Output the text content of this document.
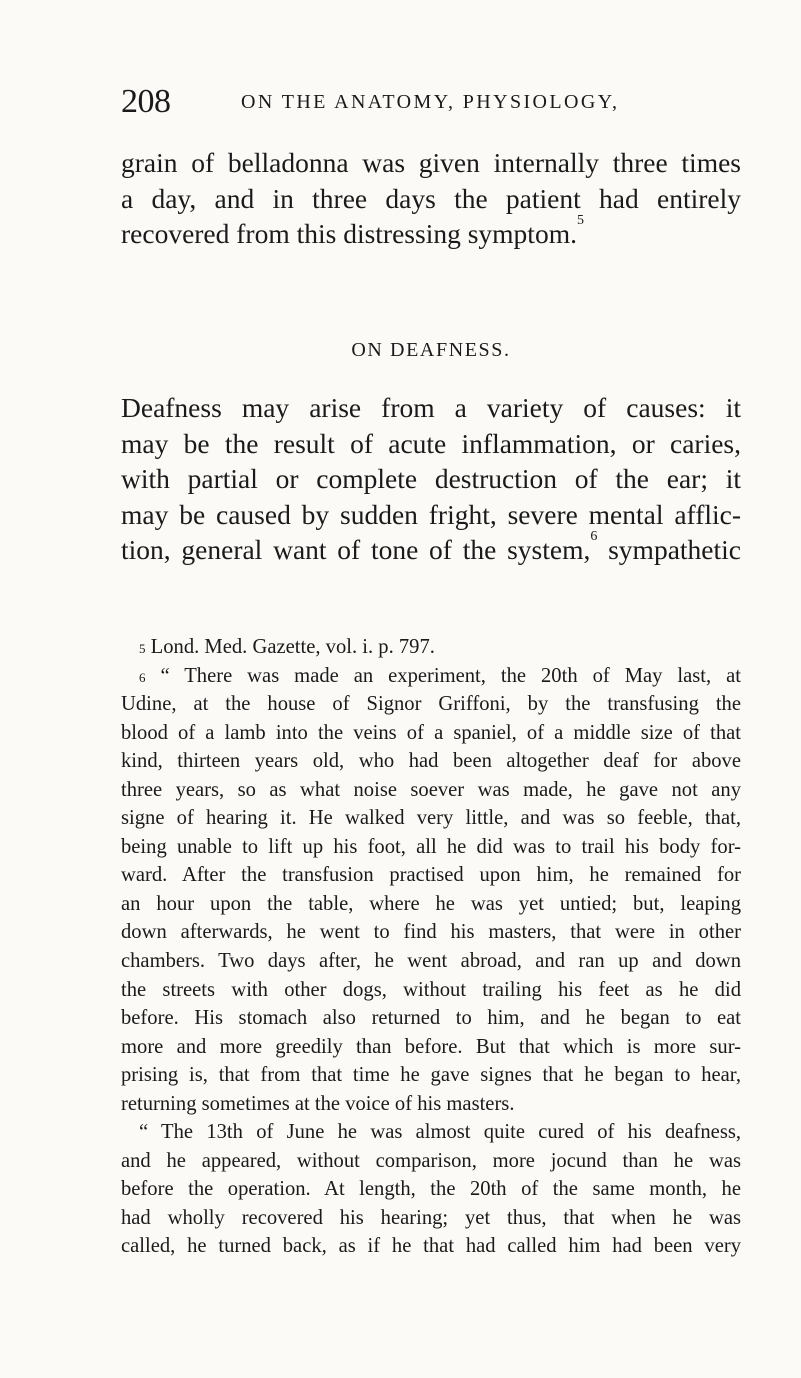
208	ON THE ANATOMY, PHYSIOLOGY,
grain of belladonna was given internally three times
a day, and in three days the patient had entirely
recovered from this distressing symptom.$^5$
ON DEAFNESS.
Deafness may arise from a variety of causes: it
may be the result of acute inflammation, or caries,
with partial or complete destruction of the ear; it
may be caused by sudden fright, severe mental afflic-
tion, general want of tone of the system,$^6$ sympathetic
$^5$ Lond. Med. Gazette, vol. i. p. 797.
$^6$ “ There was made an experiment, the 20th of May last, at
Udine, at the house of Signor Griffoni, by the transfusing the
blood of a lamb into the veins of a spaniel, of a middle size of that
kind, thirteen years old, who had been altogether deaf for above
three years, so as what noise soever was made, he gave not any
signe of hearing it. He walked very little, and was so feeble, that,
being unable to lift up his foot, all he did was to trail his body for-
ward. After the transfusion practised upon him, he remained for
an hour upon the table, where he was yet untied; but, leaping
down afterwards, he went to find his masters, that were in other
chambers. Two days after, he went abroad, and ran up and down
the streets with other dogs, without trailing his feet as he did
before. His stomach also returned to him, and he began to eat
more and more greedily than before. But that which is more sur-
prising is, that from that time he gave signes that he began to hear,
returning sometimes at the voice of his masters.
“ The 13th of June he was almost quite cured of his deafness,
and he appeared, without comparison, more jocund than he was
before the operation. At length, the 20th of the same month, he
had wholly recovered his hearing; yet thus, that when he was
called, he turned back, as if he that had called him had been very
